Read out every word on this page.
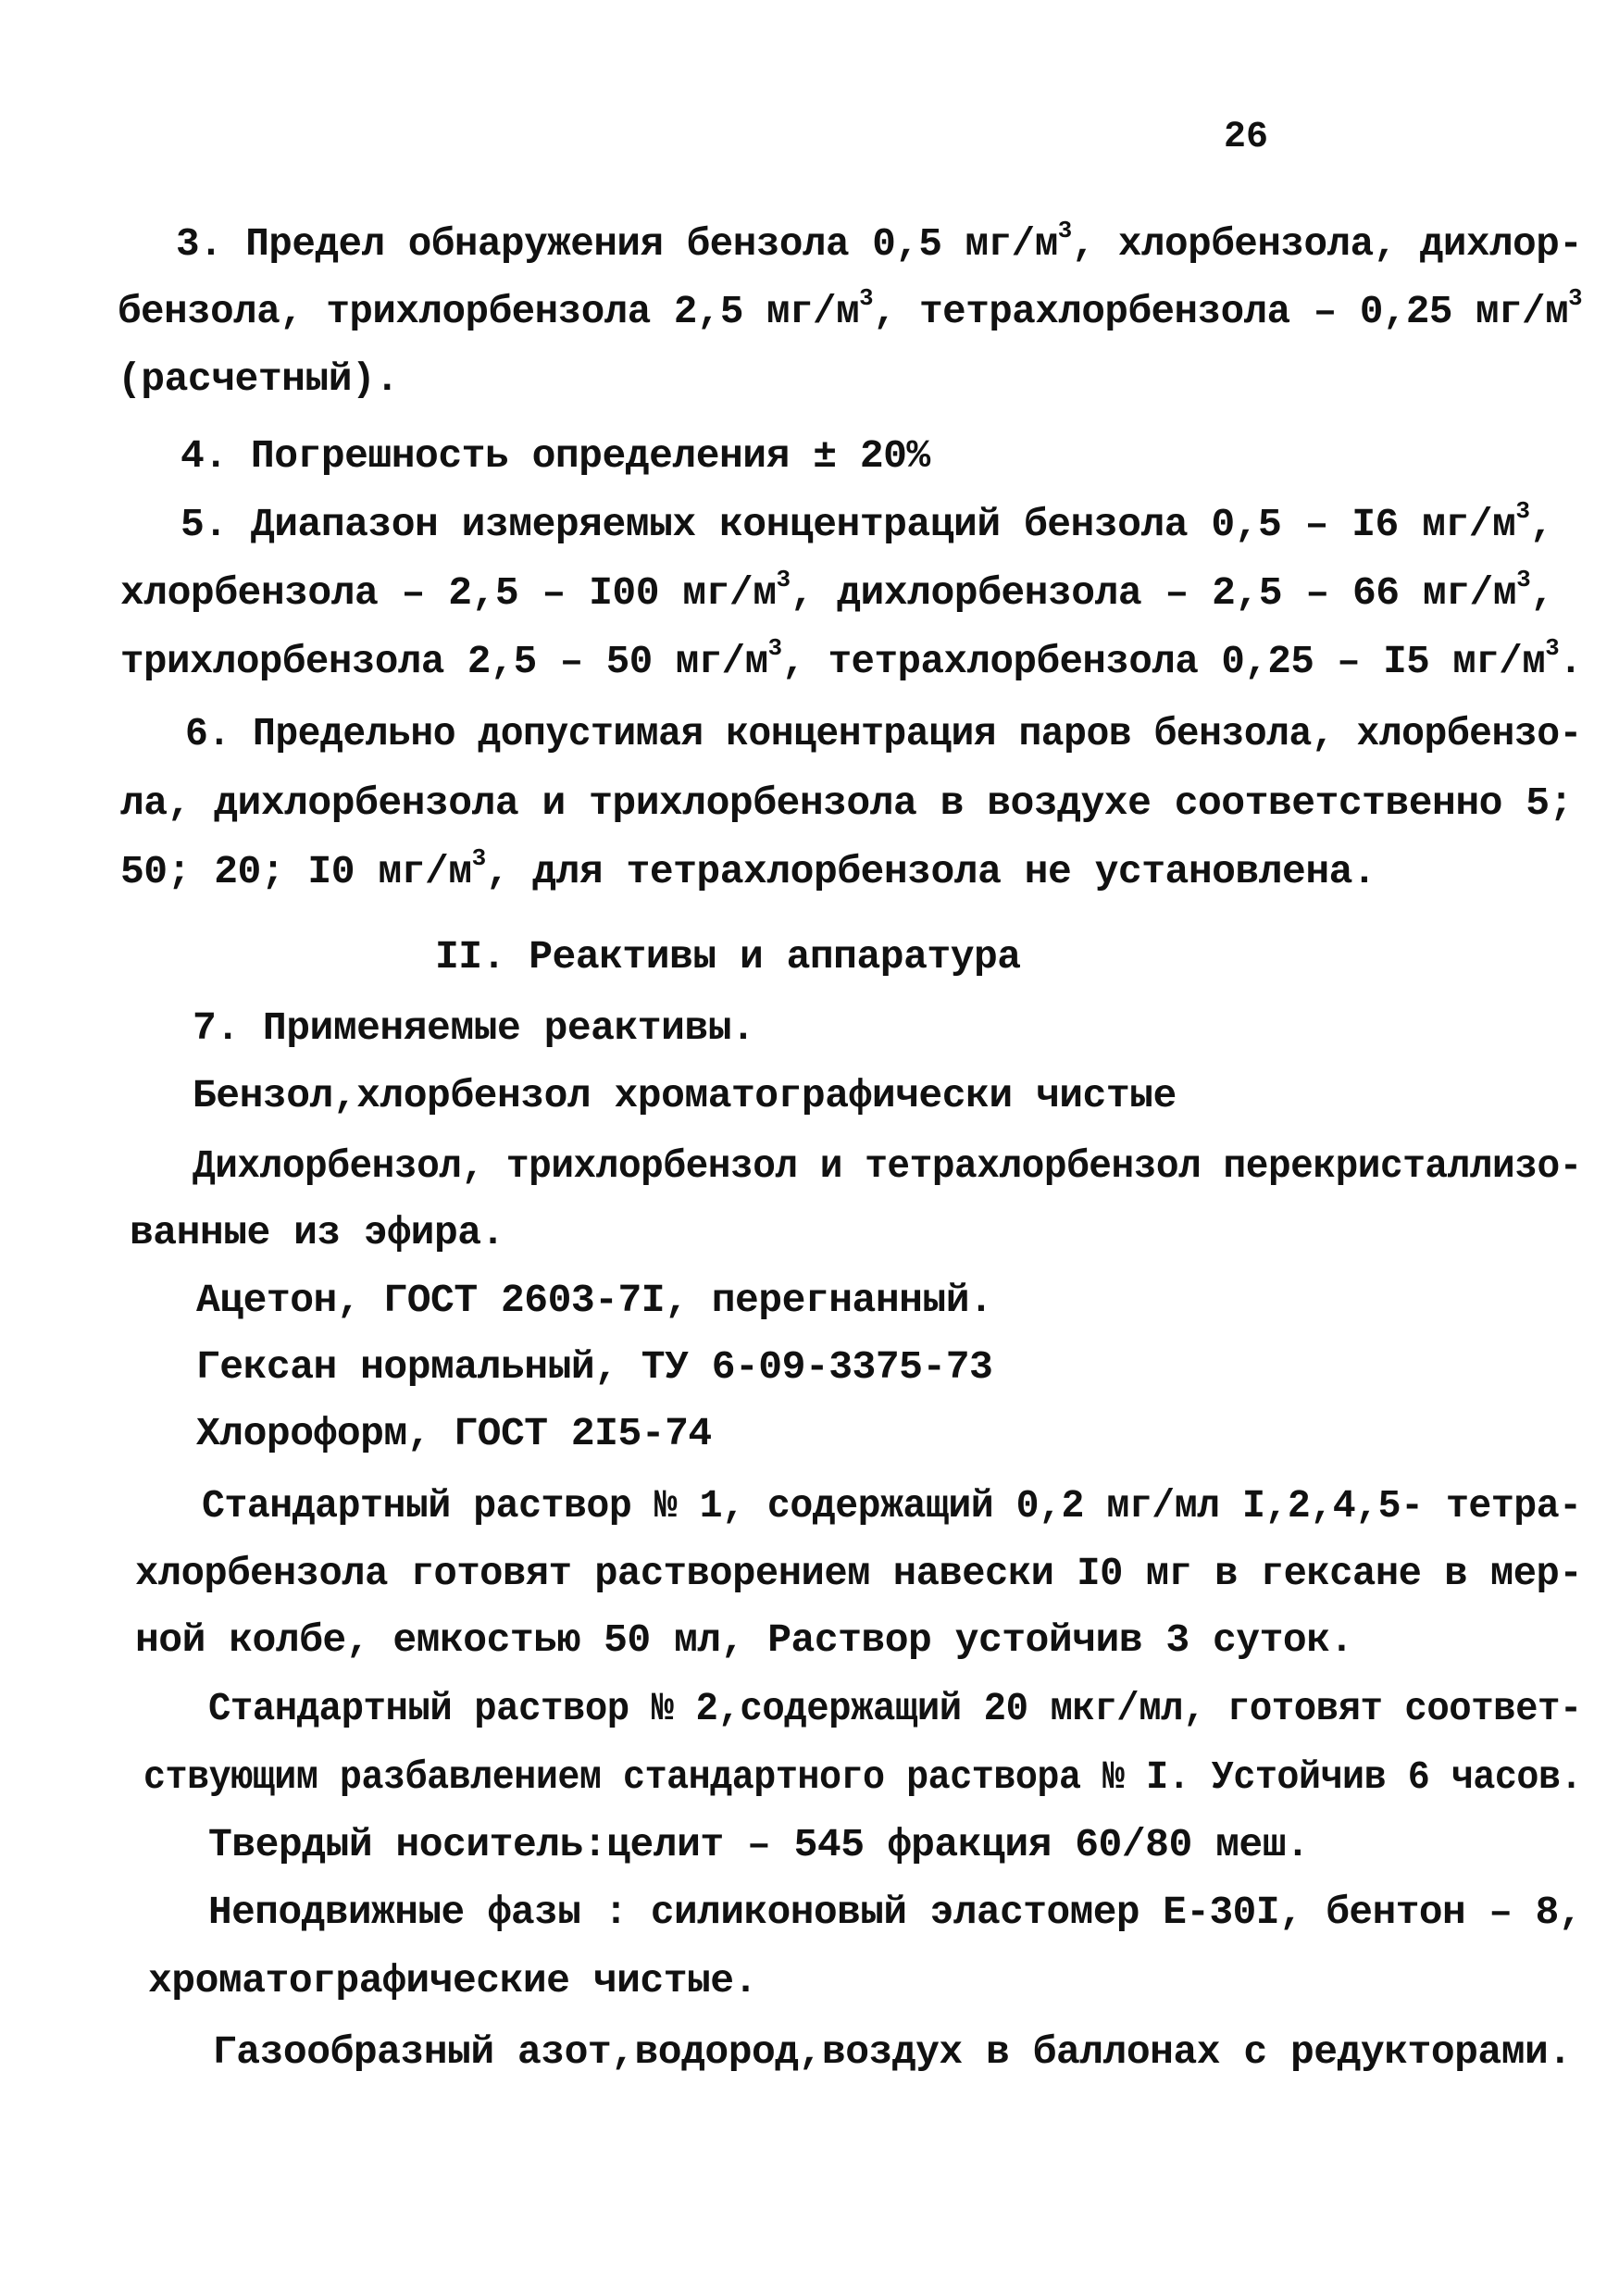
26
3. Предел обнаружения бензола 0,5 $мг/м^3$, хлорбензола, дихлор-
бензола, трихлорбензола 2,5 $мг/м^3$, тетрахлорбензола – 0,25 $мг/м^3$
(расчетный).
4. Погрешность определения ± 20%
5. Диапазон измеряемых концентраций бензола 0,5 – I6 $мг/м^3$,
хлорбензола – 2,5 – I00 $мг/м^3$, дихлорбензола – 2,5 – 66 $мг/м^3$,
трихлорбензола 2,5 – 50 $мг/м^3$, тетрахлорбензола 0,25 – I5 $мг/м^3$.
6. Предельно допустимая концентрация паров бензола, хлорбензо-
ла, дихлорбензола и трихлорбензола в воздухе соответственно 5;
50; 20; I0 $мг/м^3$, для тетрахлорбензола не установлена.
II. Реактивы и аппаратура
7. Применяемые реактивы.
Бензол,хлорбензол хроматографически чистые
Дихлорбензол, трихлорбензол и тетрахлорбензол перекристаллизо-
ванные из эфира.
Ацетон, ГОСТ 2603-7I, перегнанный.
Гексан нормальный, ТУ 6-09-3375-73
Хлороформ, ГОСТ 2I5-74
Стандартный раствор № 1, содержащий 0,2 мг/мл I,2,4,5- тетра-
хлорбензола готовят растворением навески I0 мг в гексане в мер-
ной колбе, емкостью 50 мл, Раствор устойчив 3 суток.
Стандартный раствор № 2,содержащий 20 мкг/мл, готовят соответ-
ствующим разбавлением стандартного раствора № I. Устойчив 6 часов.
Твердый носитель:целит – 545 фракция 60/80 меш.
Неподвижные фазы : силиконовый эластомер Е-30I, бентон – 8,
хроматографические чистые.
Газообразный азот,водород,воздух в баллонах с редукторами.
